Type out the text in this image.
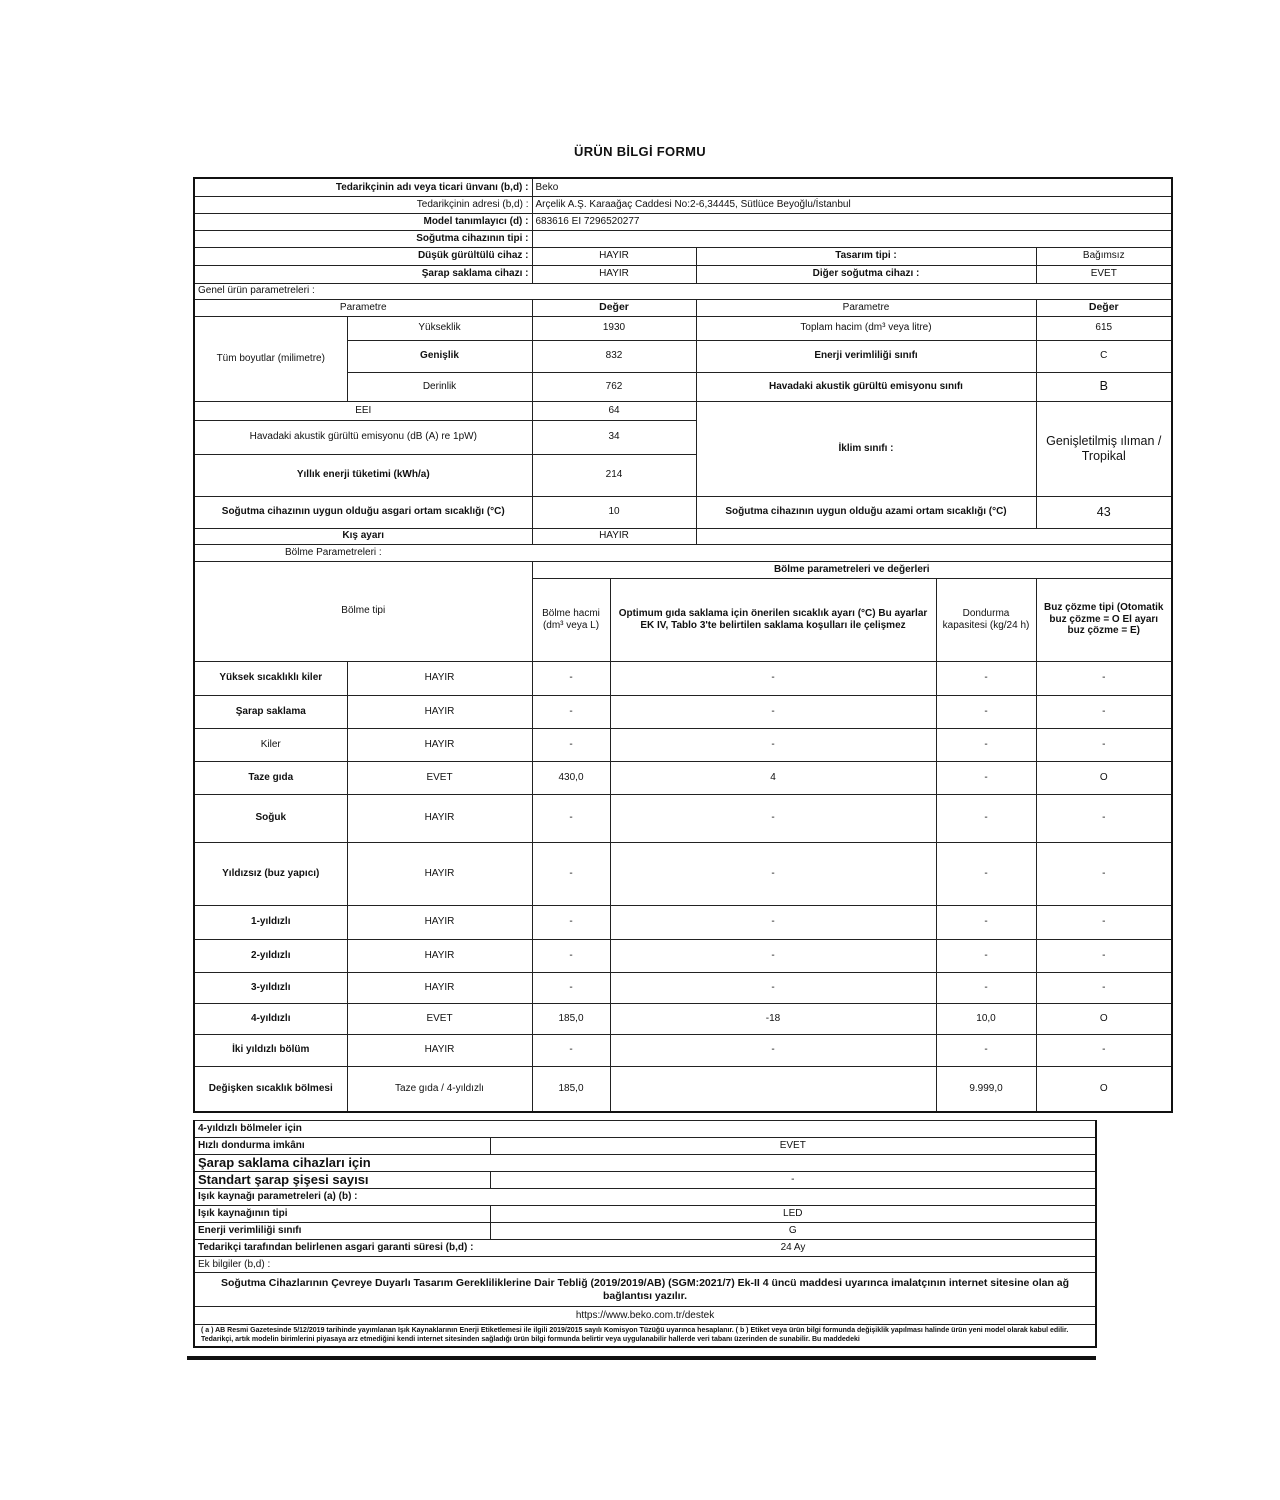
ÜRÜN BİLGİ FORMU
Tedarikçinin adı veya ticari ünvanı (b,d) :		Beko				
Tedarikçinin adresi (b,d) :		Arçelik A.Ş. Karaağaç Caddesi No:2-6,34445, Sütlüce Beyoğlu/İstanbul				
Model tanımlayıcı (d) :		683616 EI 7296520277				
Soğutma cihazının tipi :						
Düşük gürültülü cihaz :		HAYIR		Tasarım tipi :		Bağımsız
Şarap saklama cihazı :		HAYIR		Diğer soğutma cihazı :		EVET
Genel ürün parametreleri :						
Parametre		Değer		Parametre		Değer
Tüm boyutlar (milimetre)	Yükseklik	1930		Toplam hacim (dm³ veya litre)		615
	Genişlik	832		Enerji verimliliği sınıfı		C
	Derinlik	762		Havadaki akustik gürültü emisyonu sınıfı		B
EEI		64		İklim sınıfı :		Genişletilmiş ılıman / Tropikal
Havadaki akustik gürültü emisyonu (dB (A) re 1pW)		34				
Yıllık enerji tüketimi (kWh/a)		214				
Soğutma cihazının uygun olduğu asgari ortam sıcaklığı (°C)		10		Soğutma cihazının uygun olduğu azami ortam sıcaklığı (°C)		43
Kış ayarı		HAYIR				
Bölme Parametreleri :						
Bölme tipi		Bölme parametreleri ve değerleri				
		Bölme hacmi (dm³ veya L)	Optimum gıda saklama için önerilen sıcaklık ayarı (°C) Bu ayarlar EK IV, Tablo 3'te belirtilen saklama koşulları ile çelişmez		Dondurma kapasitesi (kg/24 h)	Buz çözme tipi (Otomatik buz çözme = O El ayarı buz çözme = E)
Yüksek sıcaklıklı kiler	HAYIR	-	-		-	-
Şarap saklama	HAYIR	-	-		-	-
Kiler	HAYIR	-	-		-	-
Taze gıda	EVET	430,0	4		-	O
Soğuk	HAYIR	-	-		-	-
Yıldızsız (buz yapıcı)	HAYIR	-	-		-	-
1-yıldızlı	HAYIR	-	-		-	-
2-yıldızlı	HAYIR	-	-		-	-
3-yıldızlı	HAYIR	-	-		-	-
4-yıldızlı	EVET	185,0	-18		10,0	O
İki yıldızlı bölüm	HAYIR	-	-		-	-
Değişken sıcaklık bölmesi	Taze gıda / 4-yıldızlı	185,0			9.999,0	O
4-yıldızlı bölmeler için	
Hızlı dondurma imkânı	EVET
Şarap saklama cihazları için	
Standart şarap şişesi sayısı	-
Işık kaynağı parametreleri (a) (b) :	
Işık kaynağının tipi	LED
Enerji verimliliği sınıfı	G

Tedarikçi tarafından belirlenen asgari garanti süresi (b,d) : 24 Ay	

Ek bilgiler (b,d) :	
Soğutma Cihazlarının Çevreye Duyarlı Tasarım Gerekliliklerine Dair Tebliğ (2019/2019/AB) (SGM:2021/7) Ek-II 4 üncü maddesi uyarınca imalatçının internet sitesine olan ağ bağlantısı yazılır.	
https://www.beko.com.tr/destek	
( a ) AB Resmi Gazetesinde 5/12/2019 tarihinde yayımlanan Işık Kaynaklarının Enerji Etiketlemesi ile ilgili 2019/2015 sayılı Komisyon Tüzüğü uyarınca hesaplanır. ( b ) Etiket veya ürün bilgi formunda değişiklik yapılması halinde ürün yeni model olarak kabul edilir. Tedarikçi, artık modelin birimlerini piyasaya arz etmediğini kendi internet sitesinden sağladığı ürün bilgi formunda belirtir veya uygulanabilir hallerde veri tabanı üzerinden de sunabilir. Bu maddedeki	
